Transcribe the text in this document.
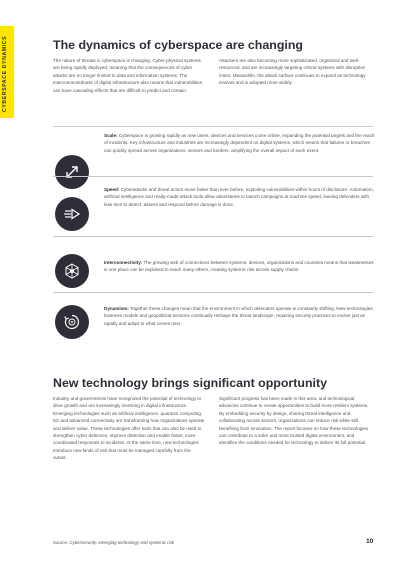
CYBERSPACE DYNAMICS	The dynamics of cyberspace are changing
The nature of threats in cyberspace is changing. Cyber-physical systems are being rapidly deployed, meaning that the consequences of cyber attacks are no longer limited to data and information systems. The interconnectedness of digital infrastructure also means that vulnerabilities can have cascading effects that are difficult to predict and contain.
Attackers are also becoming more sophisticated, organized and well-resourced, and are increasingly targeting critical systems with disruptive intent. Meanwhile, the attack surface continues to expand as technology evolves and is adopted more widely.
Scale: Cyberspace is growing rapidly as new users, devices and services come online, expanding the potential targets and the reach of incidents. Key infrastructure and industries are increasingly dependent on digital systems, which means that failures or breaches can quickly spread across organizations, sectors and borders, amplifying the overall impact of each event.
Speed: Cyberattacks and threat actors move faster than ever before, exploiting vulnerabilities within hours of disclosure. Automation, artificial intelligence and ready-made attack tools allow adversaries to launch campaigns at machine speed, leaving defenders with less time to detect, assess and respond before damage is done.
Interconnectivity: The growing web of connections between systems, devices, organizations and countries means that weaknesses in one place can be exploited to reach many others, creating systemic risk across supply chains.
Dynamism: Together these changes mean that the environment in which defenders operate is constantly shifting. New technologies, business models and geopolitical tensions continually reshape the threat landscape, requiring security practices to evolve just as rapidly and adapt to what comes next.
New technology brings significant opportunity
Industry and governments have recognized the potential of technology to drive growth and are increasingly investing in digital infrastructure. Emerging technologies such as artificial intelligence, quantum computing, 5G and advanced connectivity are transforming how organizations operate and deliver value. These technologies offer tools that can also be used to strengthen cyber defences, improve detection and enable faster, more coordinated responses to incidents. At the same time, new technologies introduce new kinds of risk that must be managed carefully from the outset.
Significant progress has been made in this area, and technological advances continue to create opportunities to build more resilient systems. By embedding security by design, sharing threat intelligence and collaborating across sectors, organizations can reduce risk while still benefiting from innovation. The report focuses on how these technologies can contribute to a safer and more trusted digital environment, and identifies the conditions needed for technology to deliver its full potential.
Source: Cybersecurity, emerging technology and systemic risk	10
